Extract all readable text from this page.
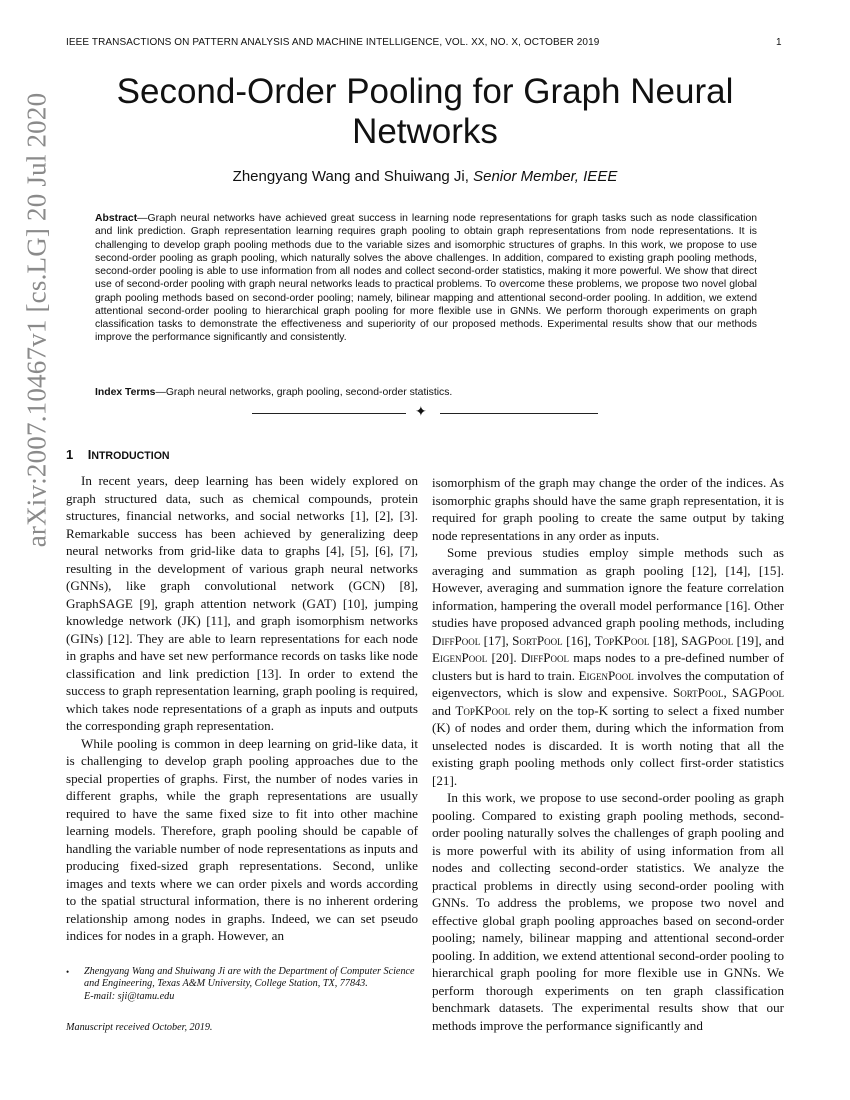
IEEE TRANSACTIONS ON PATTERN ANALYSIS AND MACHINE INTELLIGENCE, VOL. XX, NO. X, OCTOBER 2019	1
arXiv:2007.10467v1 [cs.LG] 20 Jul 2020
Second-Order Pooling for Graph Neural Networks
Zhengyang Wang and Shuiwang Ji, Senior Member, IEEE
Abstract—Graph neural networks have achieved great success in learning node representations for graph tasks such as node classification and link prediction. Graph representation learning requires graph pooling to obtain graph representations from node representations. It is challenging to develop graph pooling methods due to the variable sizes and isomorphic structures of graphs. In this work, we propose to use second-order pooling as graph pooling, which naturally solves the above challenges. In addition, compared to existing graph pooling methods, second-order pooling is able to use information from all nodes and collect second-order statistics, making it more powerful. We show that direct use of second-order pooling with graph neural networks leads to practical problems. To overcome these problems, we propose two novel global graph pooling methods based on second-order pooling; namely, bilinear mapping and attentional second-order pooling. In addition, we extend attentional second-order pooling to hierarchical graph pooling for more flexible use in GNNs. We perform thorough experiments on graph classification tasks to demonstrate the effectiveness and superiority of our proposed methods. Experimental results show that our methods improve the performance significantly and consistently.
Index Terms—Graph neural networks, graph pooling, second-order statistics.
✦
1 INTRODUCTION

In recent years, deep learning has been widely explored on graph structured data, such as chemical compounds, protein structures, financial networks, and social networks [1], [2], [3]. Remarkable success has been achieved by generalizing deep neural networks from grid-like data to graphs [4], [5], [6], [7], resulting in the development of various graph neural networks (GNNs), like graph convolutional network (GCN) [8], GraphSAGE [9], graph attention network (GAT) [10], jumping knowledge network (JK) [11], and graph isomorphism networks (GINs) [12]. They are able to learn representations for each node in graphs and have set new performance records on tasks like node classification and link prediction [13]. In order to extend the success to graph representation learning, graph pooling is required, which takes node representations of a graph as inputs and outputs the corresponding graph representation.

While pooling is common in deep learning on grid-like data, it is challenging to develop graph pooling approaches due to the special properties of graphs. First, the number of nodes varies in different graphs, while the graph representations are usually required to have the same fixed size to fit into other machine learning models. Therefore, graph pooling should be capable of handling the variable number of node representations as inputs and producing fixed-sized graph representations. Second, unlike images and texts where we can order pixels and words according to the spatial structural information, there is no inherent ordering relationship among nodes in graphs. Indeed, we can set pseudo indices for nodes in a graph. However, an

isomorphism of the graph may change the order of the indices. As isomorphic graphs should have the same graph representation, it is required for graph pooling to create the same output by taking node representations in any order as inputs.

Some previous studies employ simple methods such as averaging and summation as graph pooling [12], [14], [15]. However, averaging and summation ignore the feature correlation information, hampering the overall model performance [16]. Other studies have proposed advanced graph pooling methods, including DiffPool [17], SortPool [16], TopKPool [18], SAGPool [19], and EigenPool [20]. DiffPool maps nodes to a pre-defined number of clusters but is hard to train. EigenPool involves the computation of eigenvectors, which is slow and expensive. SortPool, SAGPool and TopKPool rely on the top-K sorting to select a fixed number (K) of nodes and order them, during which the information from unselected nodes is discarded. It is worth noting that all the existing graph pooling methods only collect first-order statistics [21].

In this work, we propose to use second-order pooling as graph pooling. Compared to existing graph pooling methods, second-order pooling naturally solves the challenges of graph pooling and is more powerful with its ability of using information from all nodes and collecting second-order statistics. We analyze the practical problems in directly using second-order pooling with GNNs. To address the problems, we propose two novel and effective global graph pooling approaches based on second-order pooling; namely, bilinear mapping and attentional second-order pooling. In addition, we extend attentional second-order pooling to hierarchical graph pooling for more flexible use in GNNs. We perform thorough experiments on ten graph classification benchmark datasets. The experimental results show that our methods improve the performance significantly and

• Zhengyang Wang and Shuiwang Ji are with the Department of Computer Science and Engineering, Texas A&M University, College Station, TX, 77843.
E-mail: sji@tamu.edu
Manuscript received October, 2019.
